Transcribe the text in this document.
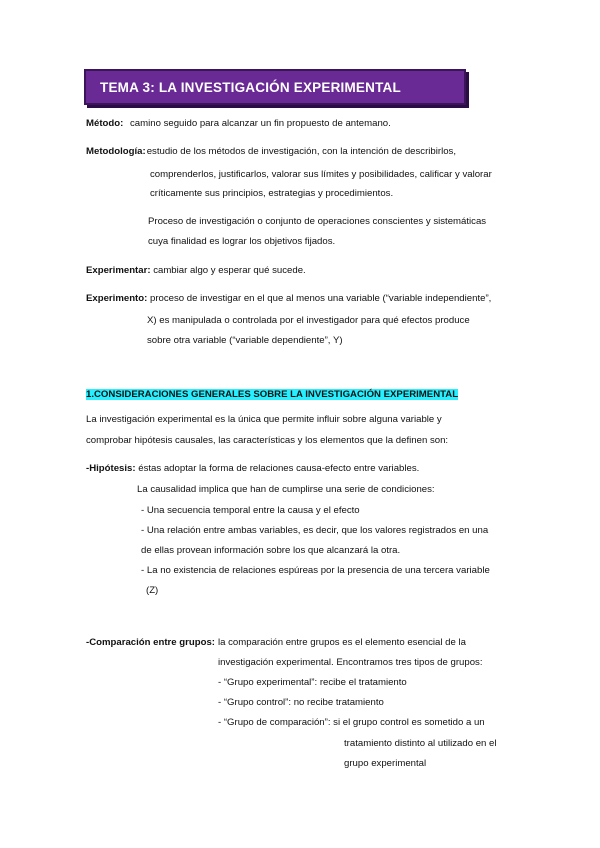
TEMA 3: LA INVESTIGACIÓN EXPERIMENTAL
Método: camino seguido para alcanzar un fin propuesto de antemano.
Metodología:estudio de los métodos de investigación, con la intención de describirlos,
comprenderlos, justificarlos, valorar sus límites y posibilidades, calificar y valorar
críticamente sus principios, estrategias y procedimientos.
Proceso de investigación o conjunto de operaciones conscientes y sistemáticas
cuya finalidad es lograr los objetivos fijados.
Experimentar: cambiar algo y esperar qué sucede.
Experimento: proceso de investigar en el que al menos una variable (“variable independiente”,
X) es manipulada o controlada por el investigador para qué efectos produce
sobre otra variable (“variable dependiente”, Y)
1.CONSIDERACIONES GENERALES SOBRE LA INVESTIGACIÓN EXPERIMENTAL
La investigación experimental es la única que permite influir sobre alguna variable y
comprobar hipótesis causales, las características y los elementos que la definen son:
-Hipótesis: éstas adoptar la forma de relaciones causa-efecto entre variables.
La causalidad implica que han de cumplirse una serie de condiciones:
- Una secuencia temporal entre la causa y el efecto
- Una relación entre ambas variables, es decir, que los valores registrados en una
de ellas provean información sobre los que alcanzará la otra.
- La no existencia de relaciones espúreas por la presencia de una tercera variable
(Z)
-Comparación entre grupos: la comparación entre grupos es el elemento esencial de la
investigación experimental. Encontramos tres tipos de grupos:
- “Grupo experimental”: recibe el tratamiento
- “Grupo control”: no recibe tratamiento
- “Grupo de comparación”: si el grupo control es sometido a un
tratamiento distinto al utilizado en el
grupo experimental
